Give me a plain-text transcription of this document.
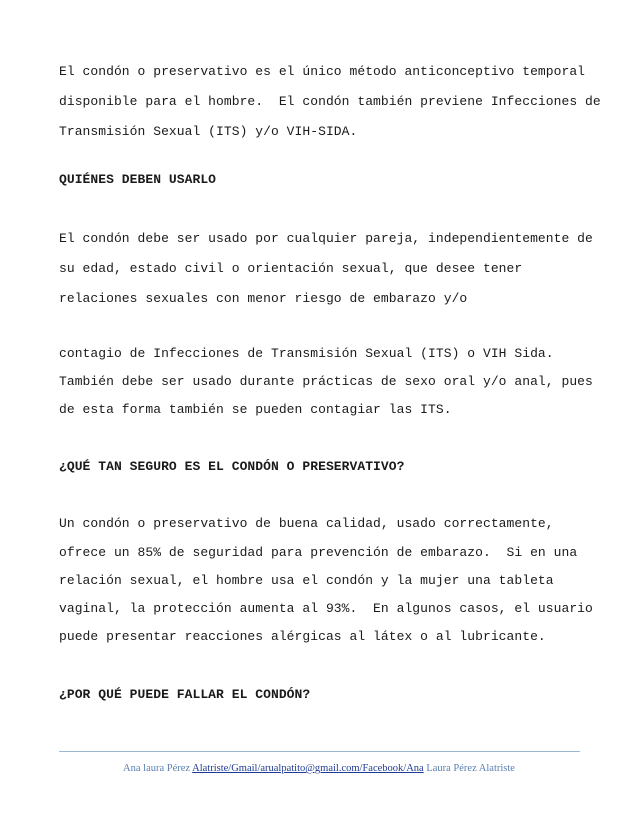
El condón o preservativo es el único método anticonceptivo temporal
disponible para el hombre.  El condón también previene Infecciones de
Transmisión Sexual (ITS) y/o VIH-SIDA.
QUIÉNES DEBEN USARLO
El condón debe ser usado por cualquier pareja, independientemente de
su edad, estado civil o orientación sexual, que desee tener
relaciones sexuales con menor riesgo de embarazo y/o
contagio de Infecciones de Transmisión Sexual (ITS) o VIH Sida.
También debe ser usado durante prácticas de sexo oral y/o anal, pues
de esta forma también se pueden contagiar las ITS.
¿QUÉ TAN SEGURO ES EL CONDÓN O PRESERVATIVO?
Un condón o preservativo de buena calidad, usado correctamente,
ofrece un 85% de seguridad para prevención de embarazo.  Si en una
relación sexual, el hombre usa el condón y la mujer una tableta
vaginal, la protección aumenta al 93%.  En algunos casos, el usuario
puede presentar reacciones alérgicas al látex o al lubricante.
¿POR QUÉ PUEDE FALLAR EL CONDÓN?
Ana laura Pérez Alatriste/Gmail/arualpatito@gmail.com/Facebook/Ana Laura Pérez Alatriste
